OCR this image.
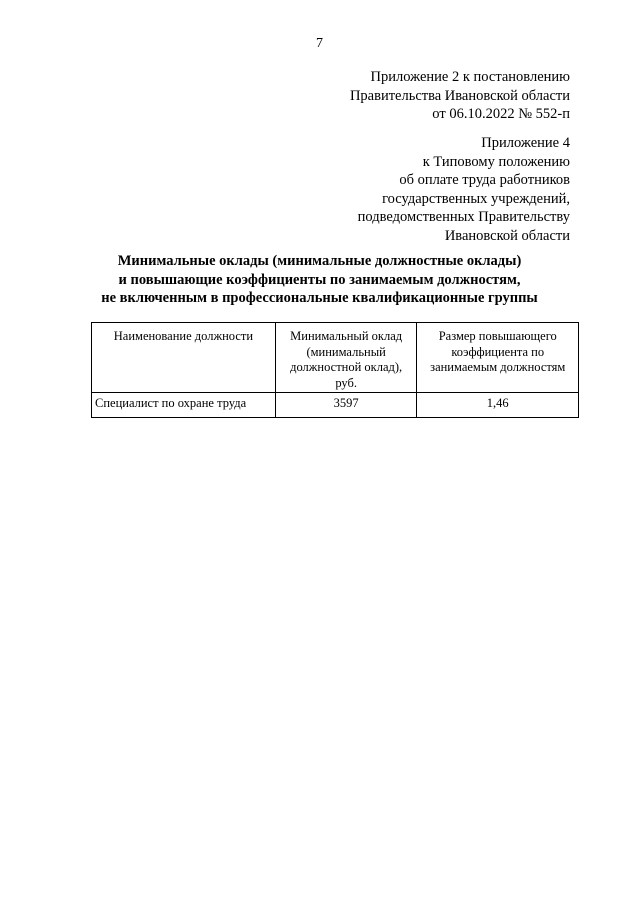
7
Приложение 2 к постановлению
Правительства Ивановской области
от 06.10.2022 № 552-п
Приложение 4
к Типовому положению
об оплате труда работников
государственных учреждений,
подведомственных Правительству
Ивановской области
Минимальные оклады (минимальные должностные оклады)
и повышающие коэффициенты по занимаемым должностям,
не включенным в профессиональные квалификационные группы
Наименование должности	Минимальный оклад (минимальный должностной оклад), руб.	Размер повышающего коэффициента по занимаемым должностям
Специалист по охране труда	3597	1,46
